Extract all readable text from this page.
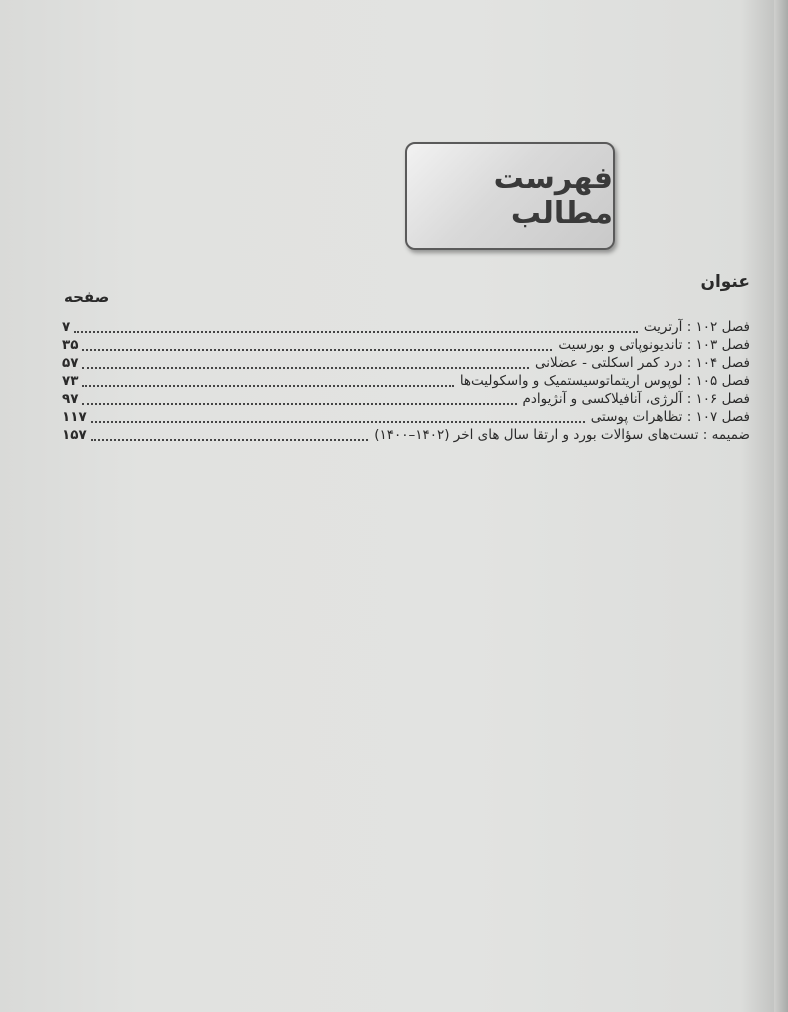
فهرست مطالب
عنوان
صفحه
فصل ۱۰۲ : آرتریت
۷
فصل ۱۰۳ : تاندیونوپاتی و بورسیت
۳۵
فصل ۱۰۴ : درد کمر اسکلتی - عضلانی
۵۷
فصل ۱۰۵ : لوپوس اریتماتوسیستمیک و واسکولیت‌ها
۷۳
فصل ۱۰۶ : آلرژی، آنافیلاکسی و آنژیوادم
۹۷
فصل ۱۰۷ : تظاهرات پوستی
۱۱۷
ضمیمه : تست‌های سؤالات بورد و ارتقا سال های اخر (۱۴۰۲–۱۴۰۰)
۱۵۷
